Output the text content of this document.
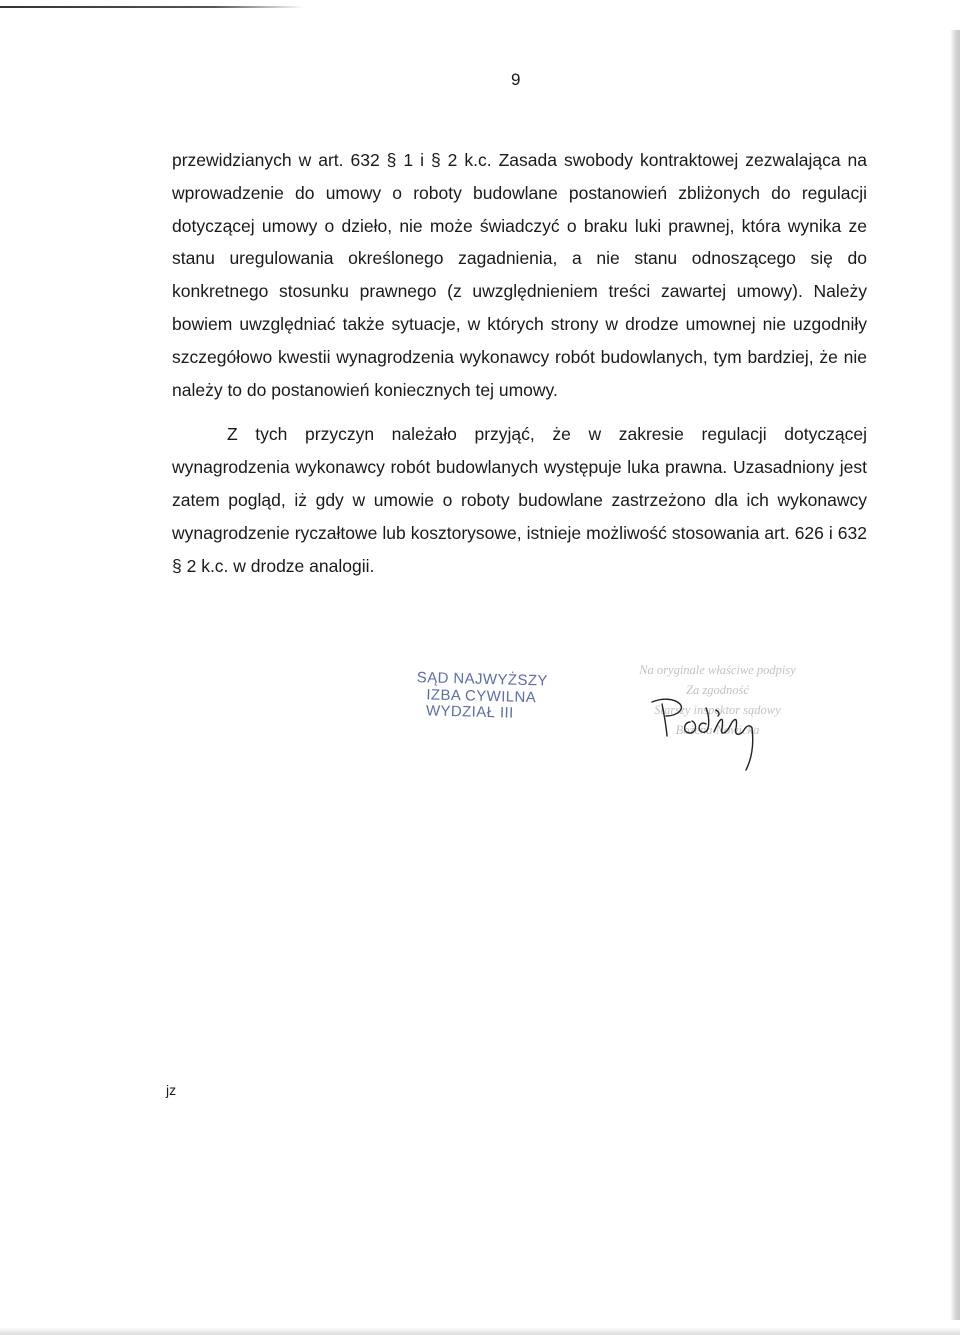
9

przewidzianych w art. 632 § 1 i § 2 k.c. Zasada swobody kontraktowej zezwalająca na wprowadzenie do umowy o roboty budowlane postanowień zbliżonych do regulacji dotyczącej umowy o dzieło, nie może świadczyć o braku luki prawnej, która wynika ze stanu uregulowania określonego zagadnienia, a nie stanu odnoszącego się do konkretnego stosunku prawnego (z uwzględnieniem treści zawartej umowy). Należy bowiem uwzględniać także sytuacje, w których strony w drodze umownej nie uzgodniły szczegółowo kwestii wynagrodzenia wykonawcy robót budowlanych, tym bardziej, że nie należy to do postanowień koniecznych tej umowy.

Z tych przyczyn należało przyjąć, że w zakresie regulacji dotyczącej wynagrodzenia wykonawcy robót budowlanych występuje luka prawna. Uzasadniony jest zatem pogląd, iż gdy w umowie o roboty budowlane zastrzeżono dla ich wykonawcy wynagrodzenie ryczałtowe lub kosztorysowe, istnieje możliwość stosowania art. 626 i 632 § 2 k.c. w drodze analogii.

SĄD NAJWYŻSZY
IZBA CYWILNA
WYDZIAŁ III
Na oryginale właściwe podpisy
Za zgodność
Starszy inspektor sądowy
Bożena Nowicka
jz
